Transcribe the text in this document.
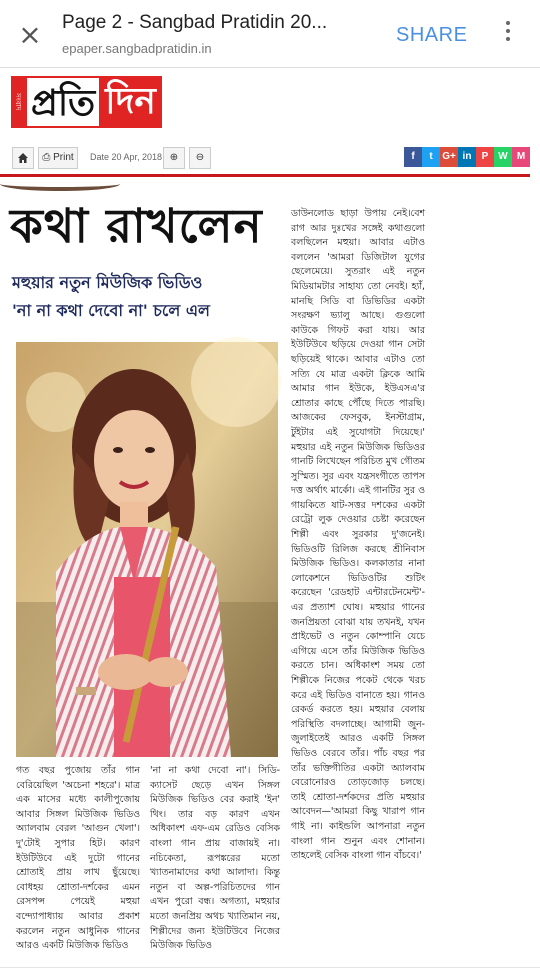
× Page 2 - Sangbad Pratidin 20...
epaper.sangbadpratidin.in
SHARE
সংবাদ প্রতি দিন
⎙ Print	Date 20 Apr, 2018 ⊕	⊖	f	t G+ in	P W M
কথা রাখলেন
মহুয়ার নতুন মিউজিক ভিডিও
'না না কথা দেবো না' চলে এল
ডাউনলোড ছাড়া উপায় নেই।বেশ রাগ আর দুঃখের সঙ্গেই কথাগুলো বলছিলেন মহুয়া। আবার এটাও বললেন 'আমরা ডিজিটাল যুগের ছেলেমেয়ে। সুতরাং এই নতুন মিডিয়ামটার সাহায্য তো নেবই। হ্যাঁ, মানছি সিডি বা ডিভিডির একটা সংরক্ষণ ভ্যালু আছে। গুগুলো কাউকে গিফট করা যায়। আর ইউটিউবে ছড়িয়ে দেওয়া গান সেটা ছড়িয়েই থাকে। আবার এটাও তো সত্যি যে মাত্র একটা ক্লিকে আমি আমার গান ইউকে, ইউএসএ'র শ্রোতার কাছে পৌঁছে দিতে পারছি। আজকের ফেসবুক, ইনস্টাগ্রাম, টুইটার এই সুযোগটা দিয়েছে।' মহুয়ার এই নতুন মিউজিক ভিডিওর গানটি লিখেছেন পরিচিত মুখ গৌতম সুস্মিত। সুর এবং যন্ত্রসংগীতে তাপস দত্ত অর্থাৎ মার্কো। এই গানটির সুর ও গায়কিতে ষাট-সত্তর দশকের একটা রেট্রো লুক দেওয়ার চেষ্টা করেছেন শিল্পী এবং সুরকার দু'জনেই। ভিডিওটি রিলিজ করছে শ্রীনিবাস মিউজিক ভিডিও। কলকাতার নানা লোকেশনে ভিডিওটির শুটিং করেছেন 'রেডহাট এন্টারটেনমেন্ট'-এর প্রত্যাশ ঘোষ। মহুয়ার গানের জনপ্রিয়তা বোঝা যায় তখনই, যখন প্রাইভেট ও নতুন কোম্পানি যেচে এগিয়ে এসে তাঁর মিউজিক ভিডিও করতে চান। অধিকাংশ সময় তো শিল্পীকে নিজের পকেট থেকে খরচ করে এই ভিডিও বানাতে হয়। গানও রেকর্ড করতে হয়। মহুয়ার বেলায় পরিস্থিতি বদলাচ্ছে। আগামী জুন-জুলাইতেই আরও একটি সিঙ্গল ভিডিও বেরবে তাঁর। পাঁচ বছর পর তাঁর ভক্তিগীতির একটা অ্যালবাম বেরোনোরও তোড়জোড় চলছে। তাই শ্রোতা-দর্শকদের প্রতি মহুয়ার আবেদন—'আমরা কিছু খারাপ গান গাই না। কাইন্ডলি আপনারা নতুন বাংলা গান শুনুন এবং শোনান। তাহলেই বেসিক বাংলা গান বাঁচবে।'
গত বছর পুজোয় তাঁর গান বেরিয়েছিল 'অচেনা শহরে'। মাত্র এক মাসের মধ্যে কালীপুজোয় আবার সিঙ্গল মিউজিক ভিডিও অ্যালবাম বেরল 'আগুন খেলা'। দু'টোই সুপার হিট। কারণ ইউটিউবে এই দুটো গানের শ্রোতাই প্রায় লাখ ছুঁয়েছে। বোধহয় শ্রোতা-দর্শকের এমন রেসপন্স পেয়েই মহুয়া বন্দ্যোপাধ্যায় আবার প্রকাশ করলেন নতুন আধুনিক গানের আরও একটি মিউজিক ভিডিও
'না না কথা দেবো না'। সিডি-ক্যাসেট ছেড়ে এখন সিঙ্গল মিউজিক ভিডিও বের করাই 'ইন' থিং। তার বড় কারণ এখন অধিকাংশ এফ-এম রেডিও বেসিক বাংলা গান প্রায় বাজায়ই না। নচিকেতা, রূপঙ্করের মতো খ্যাতনামাদের কথা আলাদা। কিন্তু নতুন বা অল্প-পরিচিতদের গান এখন পুরো বন্ধ। অগত্যা, মহুয়ার মতো জনপ্রিয় অথচ খ্যাতিমান নয়, শিল্পীদের জন্য ইউটিউবে নিজের মিউজিক ভিডিও
